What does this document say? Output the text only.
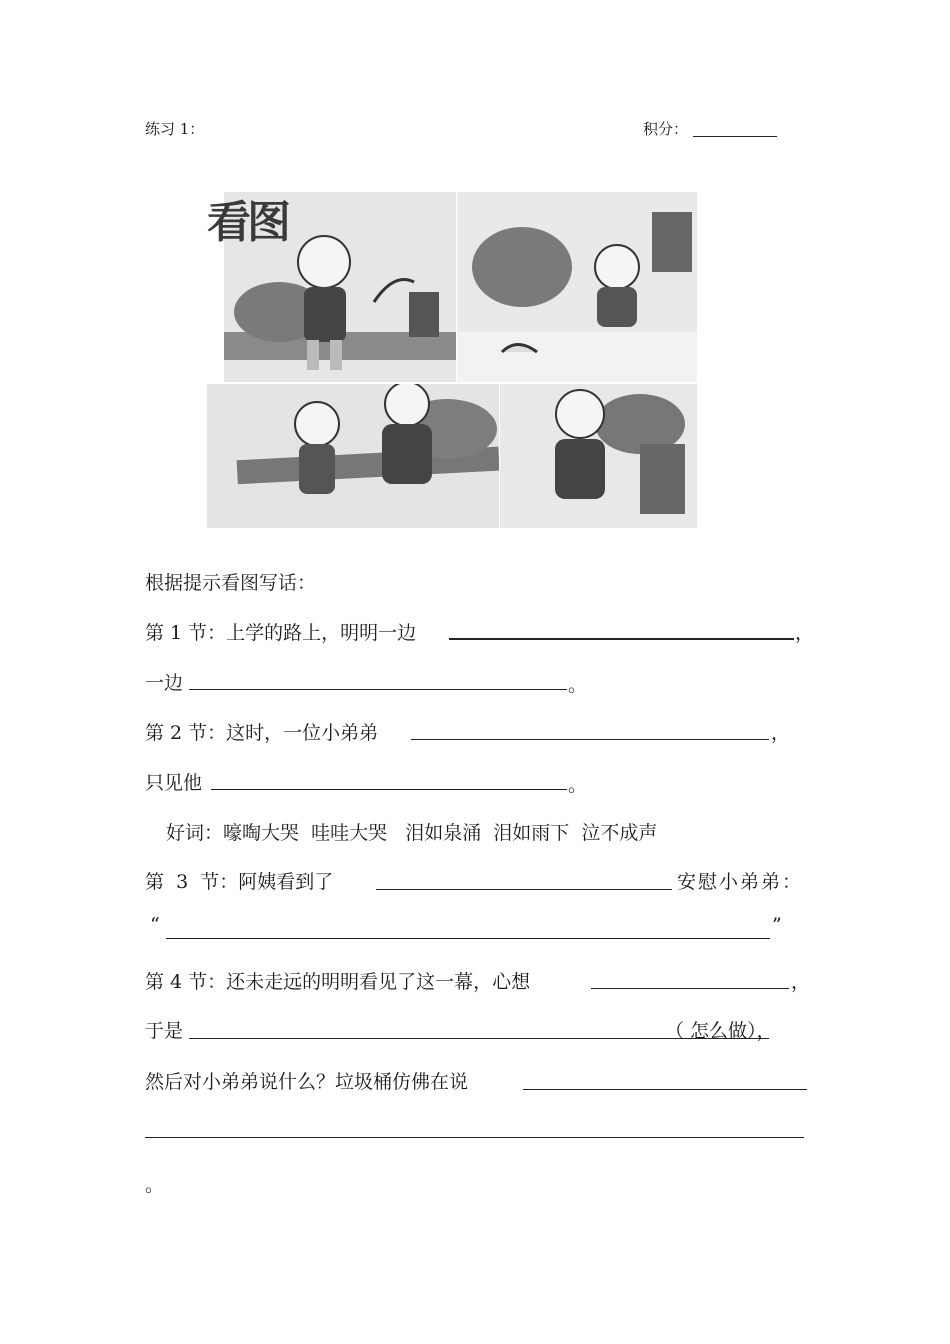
练习 1：	积分：
看图
根据提示看图写话：
第 1 节：上学的路上，明明一边	，
一边	。
第 2 节：这时，一位小弟弟	，
只见他	。
好词：嚎啕大哭  哇哇大哭   泪如泉涌  泪如雨下  泣不成声
第  3  节：阿姨看到了	安慰小弟弟：
“	”
第 4 节：还未走远的明明看见了这一幕，心想	，
于是	（ 怎么做），
然后对小弟弟说什么？垃圾桶仿佛在说
。
